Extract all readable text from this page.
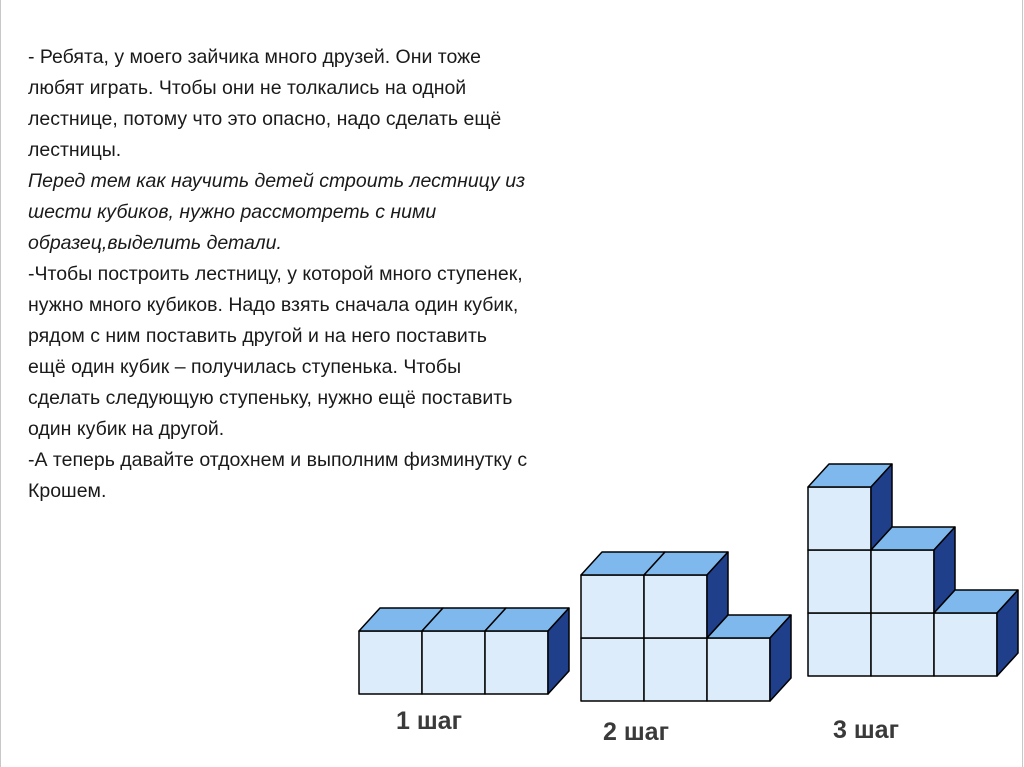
- Ребята, у моего зайчика много друзей. Они тоже любят играть. Чтобы они не толкались на одной лестнице, потому что это опасно, надо сделать ещё лестницы.

Перед тем как научить детей строить лестницу из шести кубиков, нужно рассмотреть с ними образец,выделить детали.

-Чтобы построить лестницу, у которой много ступенек, нужно много кубиков. Надо взять сначала один кубик, рядом с ним поставить другой и на него поставить ещё один кубик – получилась ступенька. Чтобы сделать следующую ступеньку, нужно ещё поставить один кубик на другой.

-А теперь давайте отдохнем и выполним физминутку с Крошем.

1 шаг	2 шаг	3 шаг
